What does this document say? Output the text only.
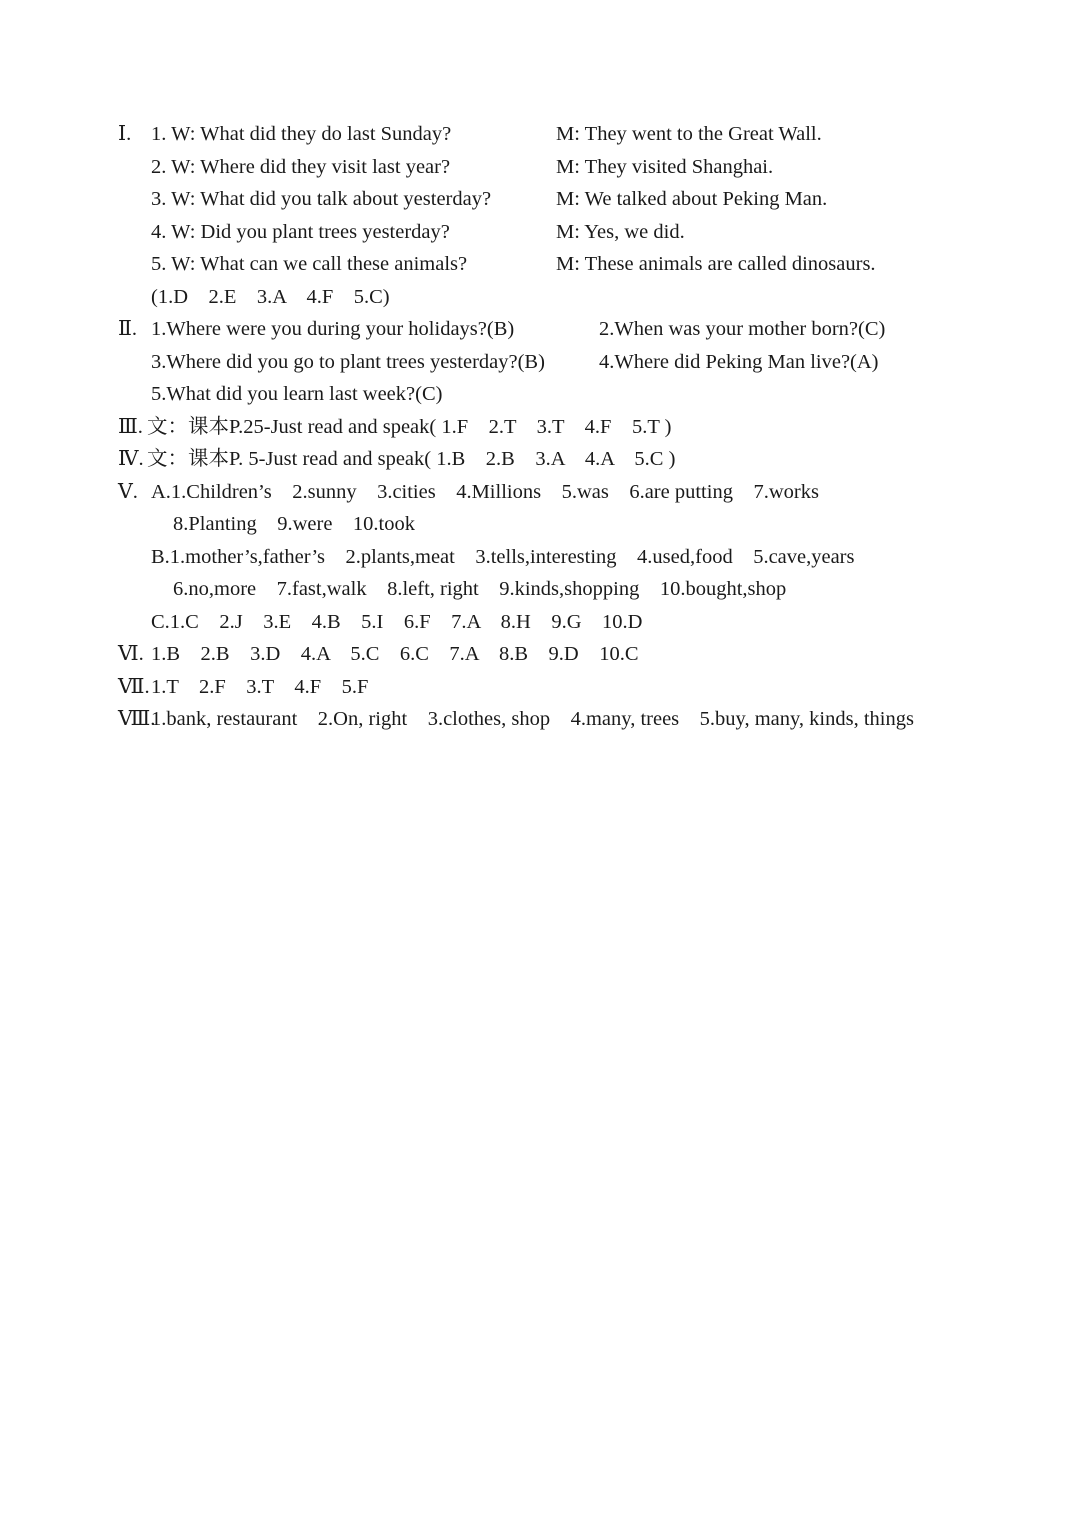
Ⅰ. 1. W: What did they do last Sunday?	M: They went to the Great Wall.
2. W: Where did they visit last year?	M: They visited Shanghai.
3. W: What did you talk about yesterday?	M: We talked about Peking Man.
4. W: Did you plant trees yesterday?	M: Yes, we did.
5. W: What can we call these animals?	M: These animals are called dinosaurs.
(1.D    2.E    3.A    4.F    5.C)
Ⅱ. 1.Where were you during your holidays?(B)	2.When was your mother born?(C)
3.Where did you go to plant trees yesterday?(B)	4.Where did Peking Man live?(A)
5.What did you learn last week?(C)
Ⅲ. 文：课本P.25-Just read and speak( 1.F    2.T    3.T    4.F    5.T )
Ⅳ. 文：课本P. 5-Just read and speak( 1.B    2.B    3.A    4.A    5.C )
Ⅴ. A.1.Children’s    2.sunny    3.cities    4.Millions    5.was    6.are putting    7.works
8.Planting    9.were    10.took
B.1.mother’s,father’s    2.plants,meat    3.tells,interesting    4.used,food    5.cave,years
6.no,more    7.fast,walk    8.left, right    9.kinds,shopping    10.bought,shop
C.1.C    2.J    3.E    4.B    5.I    6.F    7.A    8.H    9.G    10.D
Ⅵ. 1.B    2.B    3.D    4.A    5.C    6.C    7.A    8.B    9.D    10.C
Ⅶ. 1.T    2.F    3.T    4.F    5.F
Ⅷ.
1.bank, restaurant    2.On, right    3.clothes, shop    4.many, trees    5.buy, many, kinds, things
